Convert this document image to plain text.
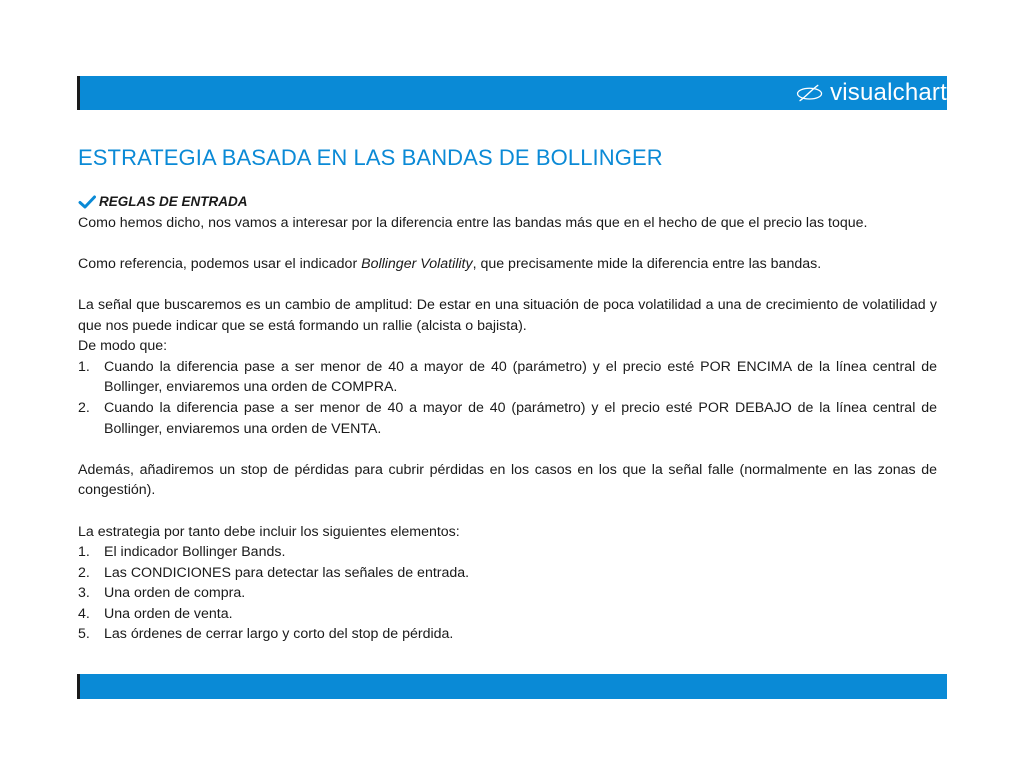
visualchart
ESTRATEGIA BASADA EN LAS BANDAS DE BOLLINGER
REGLAS DE ENTRADA

Como hemos dicho, nos vamos a interesar por la diferencia entre las bandas más que en el hecho de que el precio las toque.

Como referencia, podemos usar el indicador Bollinger Volatility, que precisamente mide la diferencia entre las bandas.

La señal que buscaremos es un cambio de amplitud: De estar en una situación de poca volatilidad a una de crecimiento de volatilidad y que nos puede indicar que se está formando un rallie (alcista o bajista).

De modo que:

1. Cuando la diferencia pase a ser menor de 40 a mayor de 40 (parámetro) y el precio esté POR ENCIMA de la línea central de Bollinger, enviaremos una orden de COMPRA.
2. Cuando la diferencia pase a ser menor de 40 a mayor de 40 (parámetro) y el precio esté POR DEBAJO de la línea central de Bollinger, enviaremos una orden de VENTA.

Además, añadiremos un stop de pérdidas para cubrir pérdidas en los casos en los que la señal falle (normalmente en las zonas de congestión).

La estrategia por tanto debe incluir los siguientes elementos:

1. El indicador Bollinger Bands.
2. Las CONDICIONES para detectar las señales de entrada.
3. Una orden de compra.
4. Una orden de venta.
5. Las órdenes de cerrar largo y corto del stop de pérdida.
